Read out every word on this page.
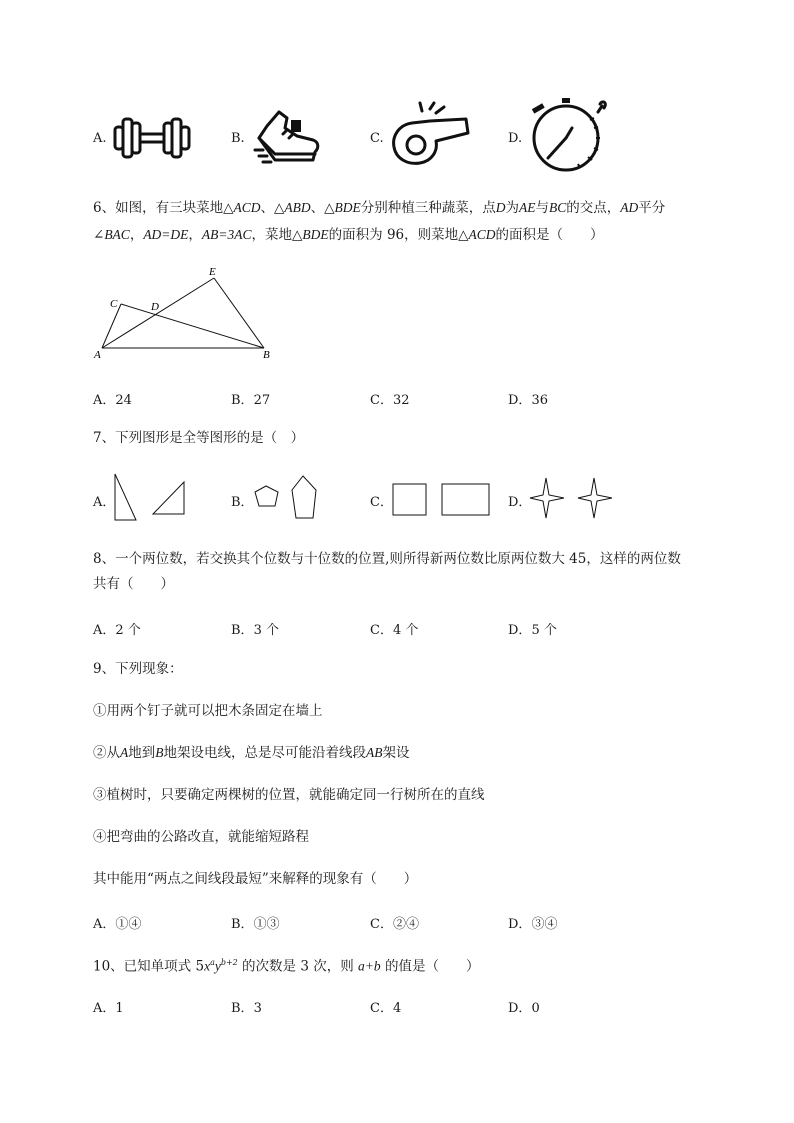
A.	B.	C.	D.
6、如图，有三块菜地△ACD、△ABD、△BDE分别种植三种蔬菜，点D为AE与BC的交点，AD平分
∠BAC，AD=DE，AB=3AC，菜地△BDE的面积为 96，则菜地△ACD的面积是（　　）
A	B
C	D
E
A．24	B．27	C．32	D．36
7、下列图形是全等图形的是（　）
A．	B．	C．	D．
8、一个两位数，若交换其个位数与十位数的位置,则所得新两位数比原两位数大 45，这样的两位数
共有（　　）
A．2 个	B．3 个	C．4 个	D．5 个
9、下列现象：
①用两个钉子就可以把木条固定在墙上
②从A地到B地架设电线，总是尽可能沿着线段AB架设
③植树时，只要确定两棵树的位置，就能确定同一行树所在的直线
④把弯曲的公路改直，就能缩短路程
其中能用“两点之间线段最短”来解释的现象有（　　）
A．①④	B．①③	C．②④	D．③④
10、已知单项式 $5x^ay^{b+2}$ 的次数是 3 次，则 a+b 的值是（　　）
A．1	B．3	C．4	D．0
